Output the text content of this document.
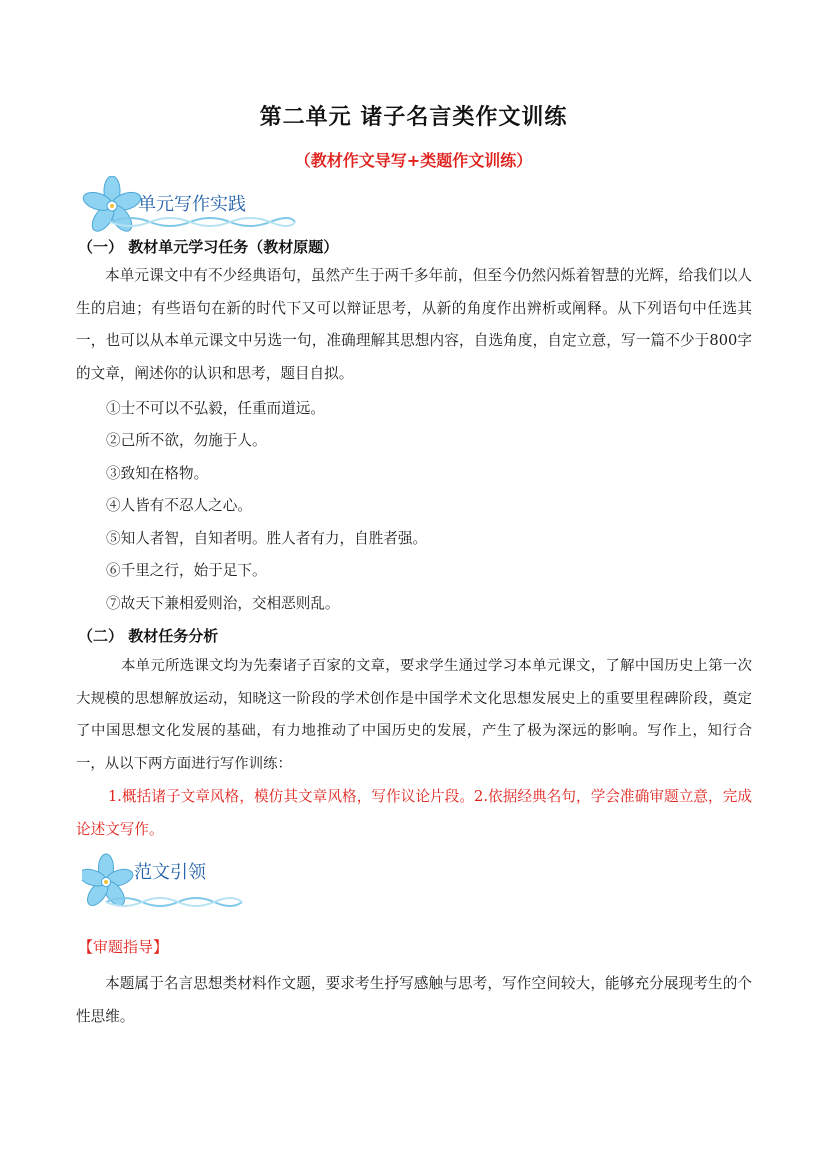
第二单元 诸子名言类作文训练
（教材作文导写+类题作文训练）
单元写作实践
（一） 教材单元学习任务（教材原题）

本单元课文中有不少经典语句，虽然产生于两千多年前，但至今仍然闪烁着智慧的光辉，给我们以人生的启迪；有些语句在新的时代下又可以辩证思考，从新的角度作出辨析或阐释。从下列语句中任选其一，也可以从本单元课文中另选一句，准确理解其思想内容，自选角度，自定立意，写一篇不少于800字的文章，阐述你的认识和思考，题目自拟。

①士不可以不弘毅，任重而道远。
②己所不欲，勿施于人。
③致知在格物。
④人皆有不忍人之心。
⑤知人者智，自知者明。胜人者有力，自胜者强。
⑥千里之行，始于足下。
⑦故天下兼相爱则治，交相恶则乱。
（二） 教材任务分析

本单元所选课文均为先秦诸子百家的文章，要求学生通过学习本单元课文，了解中国历史上第一次大规模的思想解放运动，知晓这一阶段的学术创作是中国学术文化思想发展史上的重要里程碑阶段，奠定了中国思想文化发展的基础，有力地推动了中国历史的发展，产生了极为深远的影响。写作上，知行合一，从以下两方面进行写作训练：

1.概括诸子文章风格，模仿其文章风格，写作议论片段。2.依据经典名句，学会准确审题立意，完成论述文写作。

范文引领
【审题指导】

本题属于名言思想类材料作文题，要求考生抒写感触与思考，写作空间较大，能够充分展现考生的个性思维。
